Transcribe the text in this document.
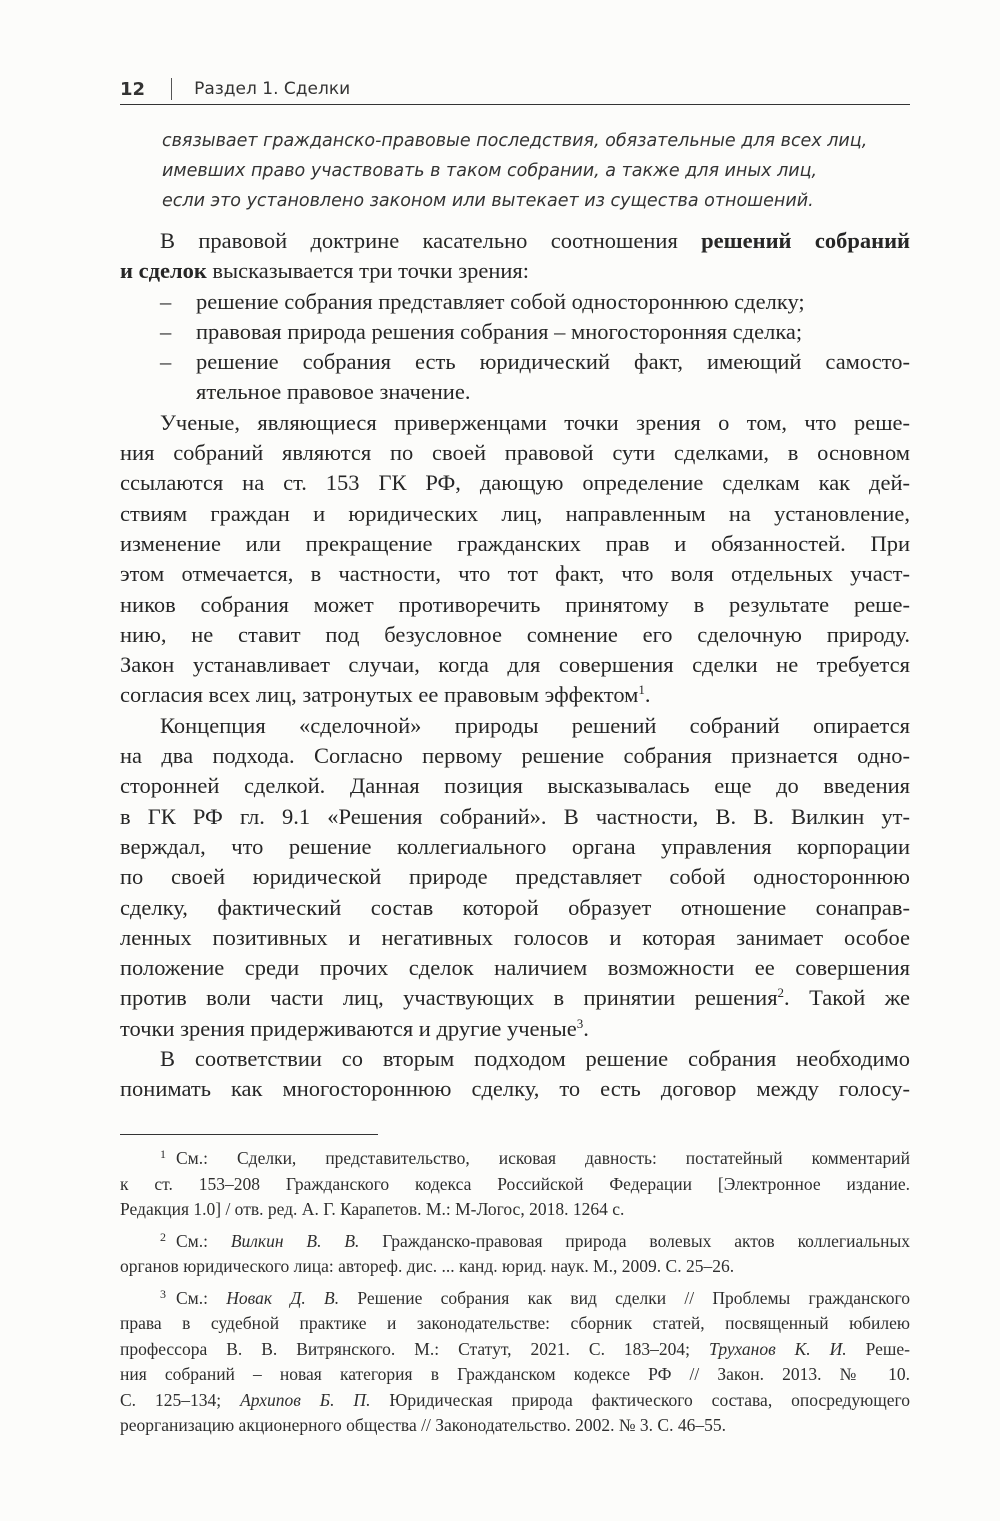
12	Раздел 1. Сделки
связывает гражданско-правовые последствия, обязательные для всех лиц,
имевших право участвовать в таком собрании, а также для иных лиц,
если это установлено законом или вытекает из существа отношений.
В правовой доктрине касательно соотношения решений собраний
и сделок высказывается три точки зрения:
– решение собрания представляет собой одностороннюю сделку;
– правовая природа решения собрания – многосторонняя сделка;
– решение собрания есть юридический факт, имеющий самосто-
ятельное правовое значение.
Ученые, являющиеся приверженцами точки зрения о том, что реше-
ния собраний являются по своей правовой сути сделками, в основном
ссылаются на ст. 153 ГК РФ, дающую определение сделкам как дей-
ствиям граждан и юридических лиц, направленным на установление,
изменение или прекращение гражданских прав и обязанностей. При
этом отмечается, в частности, что тот факт, что воля отдельных участ-
ников собрания может противоречить принятому в результате реше-
нию, не ставит под безусловное сомнение его сделочную природу.
Закон устанавливает случаи, когда для совершения сделки не требуется
согласия всех лиц, затронутых ее правовым эффектом$^1$.
Концепция «сделочной» природы решений собраний опирается
на два подхода. Согласно первому решение собрания признается одно-
сторонней сделкой. Данная позиция высказывалась еще до введения
в ГК РФ гл. 9.1 «Решения собраний». В частности, В. В. Вилкин ут-
верждал, что решение коллегиального органа управления корпорации
по своей юридической природе представляет собой одностороннюю
сделку, фактический состав которой образует отношение сонаправ-
ленных позитивных и негативных голосов и которая занимает особое
положение среди прочих сделок наличием возможности ее совершения
против воли части лиц, участвующих в принятии решения$^2$. Такой же
точки зрения придерживаются и другие ученые$^3$.
В соответствии со вторым подходом решение собрания необходимо
понимать как многостороннюю сделку, то есть договор между голосу-
$^1$ См.: Сделки, представительство, исковая давность: постатейный комментарий
к ст. 153–208 Гражданского кодекса Российской Федерации [Электронное издание.
Редакция 1.0] / отв. ред. А. Г. Карапетов. М.: М-Логос, 2018. 1264 с.
$^2$ См.: Вилкин В. В. Гражданско-правовая природа волевых актов коллегиальных
органов юридического лица: автореф. дис. ... канд. юрид. наук. М., 2009. С. 25–26.
$^3$ См.: Новак Д. В. Решение собрания как вид сделки // Проблемы гражданского
права в судебной практике и законодательстве: сборник статей, посвященный юбилею
профессора В. В. Витрянского. М.: Статут, 2021. С. 183–204; Труханов К. И. Реше-
ния собраний – новая категория в Гражданском кодексе РФ // Закон. 2013. № 10.
С. 125–134; Архипов Б. П. Юридическая природа фактического состава, опосредующего
реорганизацию акционерного общества // Законодательство. 2002. № 3. С. 46–55.
